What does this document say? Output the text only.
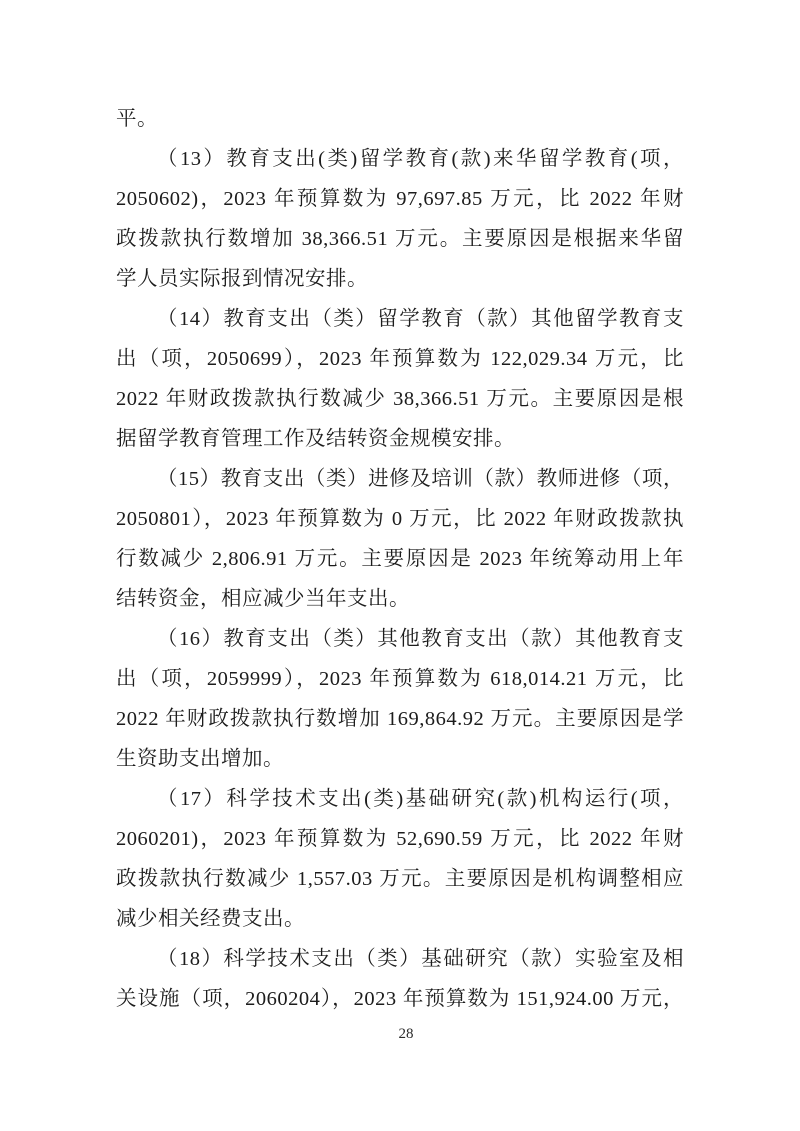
平。
（13）教育支出(类)留学教育(款)来华留学教育(项，
2050602)，2023 年预算数为 97,697.85 万元，比 2022 年财
政拨款执行数增加 38,366.51 万元。主要原因是根据来华留
学人员实际报到情况安排。
（14）教育支出（类）留学教育（款）其他留学教育支
出（项，2050699），2023 年预算数为 122,029.34 万元，比
2022 年财政拨款执行数减少 38,366.51 万元。主要原因是根
据留学教育管理工作及结转资金规模安排。
（15）教育支出（类）进修及培训（款）教师进修（项，
2050801），2023 年预算数为 0 万元，比 2022 年财政拨款执
行数减少 2,806.91 万元。主要原因是 2023 年统筹动用上年
结转资金，相应减少当年支出。
（16）教育支出（类）其他教育支出（款）其他教育支
出（项，2059999），2023 年预算数为 618,014.21 万元，比
2022 年财政拨款执行数增加 169,864.92 万元。主要原因是学
生资助支出增加。
（17）科学技术支出(类)基础研究(款)机构运行(项，
2060201)，2023 年预算数为 52,690.59 万元，比 2022 年财
政拨款执行数减少 1,557.03 万元。主要原因是机构调整相应
减少相关经费支出。
（18）科学技术支出（类）基础研究（款）实验室及相
关设施（项，2060204），2023 年预算数为 151,924.00 万元，
28
